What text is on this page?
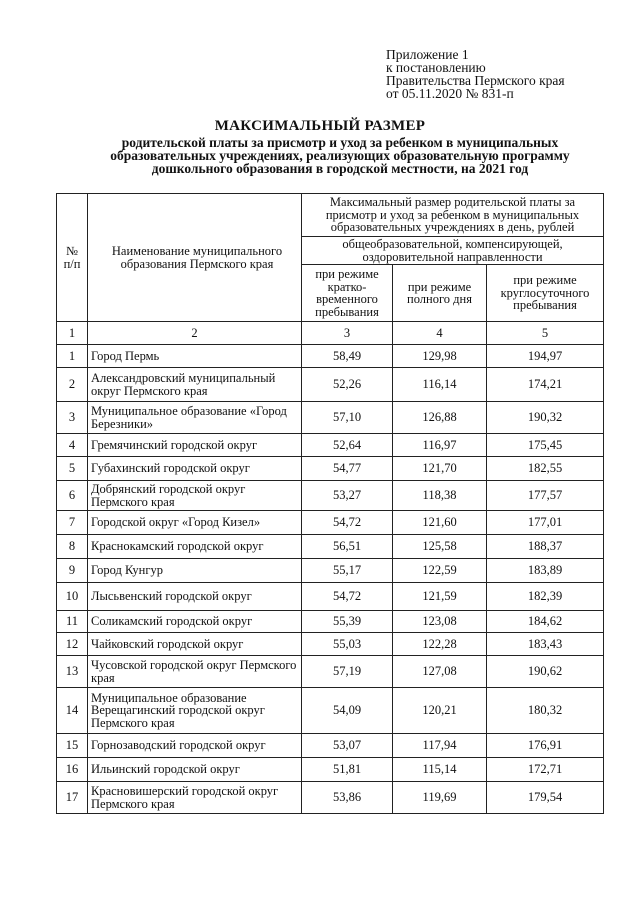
Приложение 1
к постановлению
Правительства Пермского края
от 05.11.2020 № 831-п
МАКСИМАЛЬНЫЙ РАЗМЕР
родительской платы за присмотр и уход за ребенком в муниципальных
образовательных учреждениях, реализующих образовательную программу
дошкольного образования в городской местности, на 2021 год
№ п/п	Наименование муниципального образования Пермского края	Максимальный размер родительской платы за присмотр и уход за ребенком в муниципальных образовательных учреждениях в день, рублей		
		общеобразовательной, компенсирующей, оздоровительной направленности		
		при режиме кратко-временного пребывания	при режиме полного дня	при режиме круглосуточного пребывания
1	2	3	4	5
1	Город Пермь	58,49	129,98	194,97
2	Александровский муниципальный округ Пермского края	52,26	116,14	174,21
3	Муниципальное образование «Город Березники»	57,10	126,88	190,32
4	Гремячинский городской округ	52,64	116,97	175,45
5	Губахинский городской округ	54,77	121,70	182,55
6	Добрянский городской округ Пермского края	53,27	118,38	177,57
7	Городской округ «Город Кизел»	54,72	121,60	177,01
8	Краснокамский городской округ	56,51	125,58	188,37
9	Город Кунгур	55,17	122,59	183,89
10	Лысьвенский городской округ	54,72	121,59	182,39
11	Соликамский городской округ	55,39	123,08	184,62
12	Чайковский городской округ	55,03	122,28	183,43
13	Чусовской городской округ Пермского края	57,19	127,08	190,62
14	Муниципальное образование Верещагинский городской округ Пермского края	54,09	120,21	180,32
15	Горнозаводский городской округ	53,07	117,94	176,91
16	Ильинский городской округ	51,81	115,14	172,71
17	Красновишерский городской округ Пермского края	53,86	119,69	179,54
